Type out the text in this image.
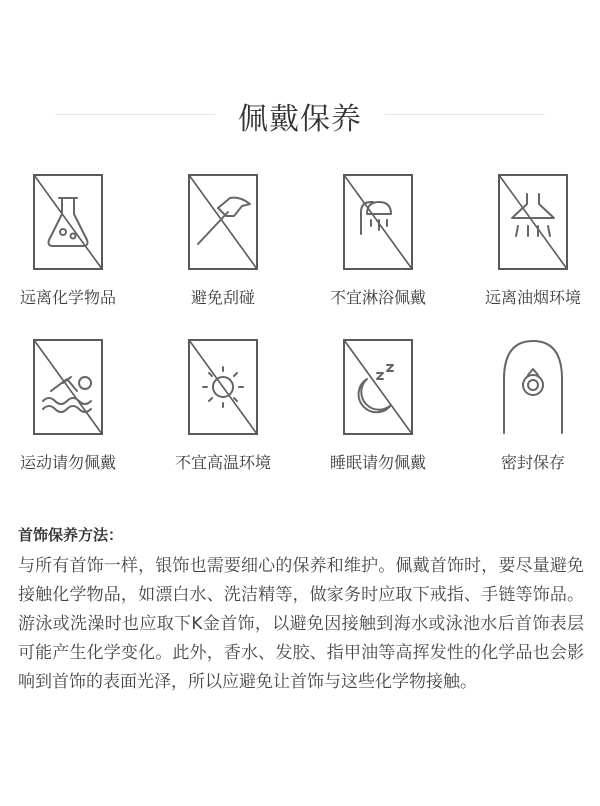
佩戴保养
远离化学物品	避免刮碰	不宜淋浴佩戴	远离油烟环境
运动请勿佩戴	不宜高温环境	睡眠请勿佩戴	密封保存
首饰保养方法：

与所有首饰一样，银饰也需要细心的保养和维护。佩戴首饰时，要尽量避免接触化学物品，如漂白水、洗洁精等，做家务时应取下戒指、手链等饰品。游泳或洗澡时也应取下K金首饰，以避免因接触到海水或泳池水后首饰表层可能产生化学变化。此外，香水、发胶、指甲油等高挥发性的化学品也会影响到首饰的表面光泽，所以应避免让首饰与这些化学物接触。
